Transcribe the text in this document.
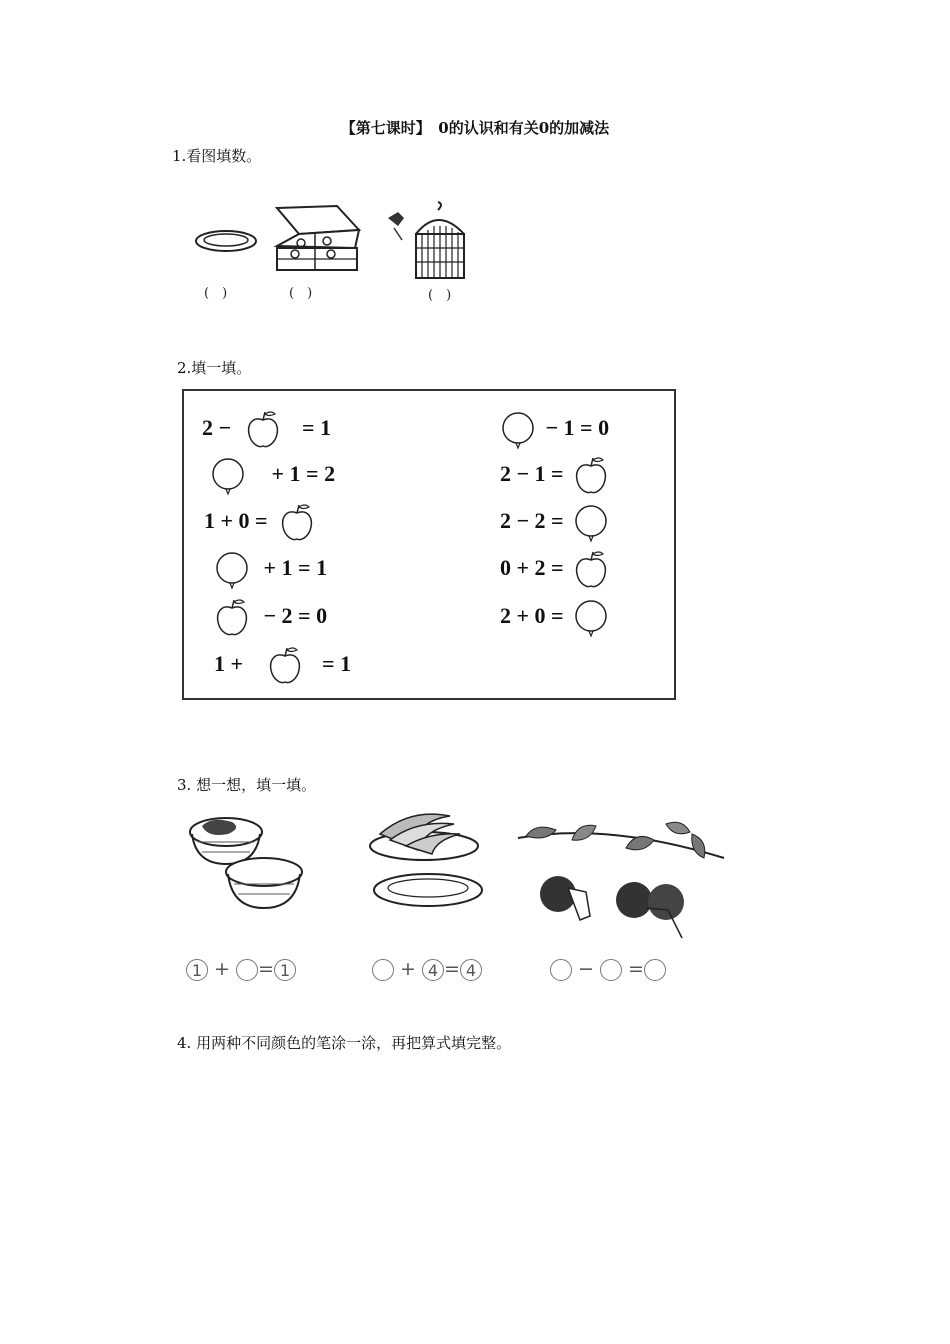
【第七课时】　0的认识和有关0的加减法
1.看图填数。
(　)	(　)	(　)
2.填一填。
2 −	= 1
+ 1 = 2
1 + 0 =
+ 1 = 1
− 2 = 0
1 +	= 1
− 1 = 0
2 − 1 =
2 − 2 =
0 + 2 =
2 + 0 =
3. 想一想，填一填。
1 + = 1	+ 4 = 4	−  =
4. 用两种不同颜色的笔涂一涂，再把算式填完整。
